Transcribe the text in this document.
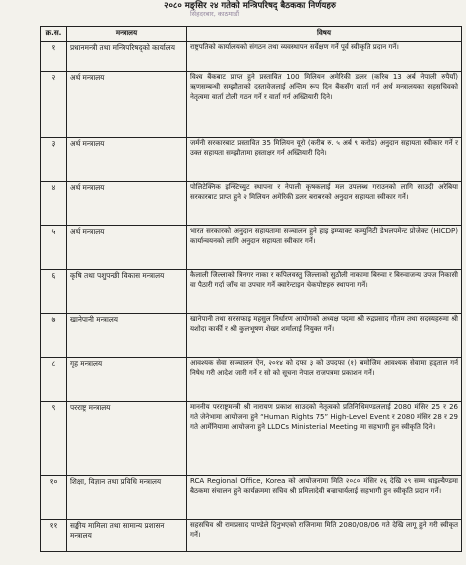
२०८० मङ्सिर २४ गतेको मन्त्रिपरिषद् बैठकका निर्णयहरु
सिंहदरबार, काठमाडौं
क्र.स.	मन्त्रालय	विषय
१	प्रधानमन्त्री तथा मन्त्रिपरिषद्को कार्यालय	राष्ट्रपतिको कार्यालयको संगठन तथा व्यवस्थापन सर्वेक्षण गर्ने पूर्व स्वीकृति प्रदान गर्ने।
२	अर्थ मन्त्रालय	विश्व बैंकबाट प्राप्त हुने प्रस्तावित 100 मिलियन अमेरिकी डलर (करिब 13 अर्ब नेपाली रुपैयाँ) ऋणसम्बन्धी सम्झौताको दस्तावेजलाई अन्तिम रूप दिन बैंकसँग वार्ता गर्न अर्थ मन्त्रालयका सहसचिवको नेतृत्वमा वार्ता टोली गठन गर्ने र वार्ता गर्न अख्तियारी दिने।
३	अर्थ मन्त्रालय	जर्मनी सरकारबाट प्रस्तावित 35 मिलियन यूरो (करीब रु. ५ अर्ब ९ करोड) अनुदान सहायता स्वीकार गर्ने र उक्त सहायता सम्झौतामा हस्ताक्षर गर्न अख्तियारी दिने।
४	अर्थ मन्त्रालय	पोलिटेक्निक इन्स्टिच्युट स्थापना र नेपाली कृषकलाई मल उपलब्ध गराउनको लागि साउदी अरेबिया सरकारबाट प्राप्त हुने २ मिलियन अमेरिकी डलर बराबरको अनुदान सहायता स्वीकार गर्ने।
५	अर्थ मन्त्रालय	भारत सरकारको अनुदान सहायतामा सञ्चालन हुने हाइ इम्प्याक्ट कम्युनिटी डेभलपमेन्ट प्रोजेक्ट (HICDP) कार्यान्वयनको लागि अनुदान सहायता स्वीकार गर्ने।
६	कृषि तथा पशुपन्छी विकास मन्त्रालय	कैलाली जिल्लाको त्रिनगर नाका र कपिलवस्तु जिल्लाको सुठौली नाकामा बिरुवा र बिरुवाजन्य उपज निकासी वा पैठारी गर्दा जाँच वा उपचार गर्ने क्वारेन्टाइन चेकपोष्टहरु स्थापना गर्ने।
७	खानेपानी मन्त्रालय	खानेपानी तथा सरसफाइ महसुल निर्धारण आयोगको अध्यक्ष पदमा श्री रुद्रप्रसाद गौतम तथा सदस्यहरुमा श्री यशोदा कार्की र श्री कुलभूषण शेखर शर्मालाई नियुक्त गर्ने।
८	गृह मन्त्रालय	आवश्यक सेवा सञ्चालन ऐन, २०१४ को दफा ३ को उपदफा (१) बमोजिम आवश्यक सेवामा हड्ताल गर्न निषेध गरी आदेश जारी गर्ने र सो को सूचना नेपाल राजपत्रमा प्रकाशन गर्ने।
९	परराष्ट्र मन्त्रालय	माननीय परराष्ट्रमन्त्री श्री नारायण प्रकाश साउदको नेतृत्वको प्रतिनिधिमण्डललाई 2080 मंसिर 25 र 26 गते जेनेभामा आयोजना हुने “Human Rights 75” High-Level Event र 2080 मंसिर 28 र 29 गते आर्मेनियामा आयोजना हुने LLDCs Ministerial Meeting मा सहभागी हुन स्वीकृति दिने।
१०	शिक्षा, विज्ञान तथा प्रविधि मन्त्रालय	RCA Regional Office, Korea को आयोजनामा मिति २०८० मंसिर २६ देखि २९ सम्म थाइल्यैण्डमा बैठकमा संचालन हुने कार्यक्रममा सचिव श्री प्रमिलादेवी बज्राचार्यलाई सहभागी हुन स्वीकृति प्रदान गर्ने।
११	सङ्घीय मामिला तथा सामान्य प्रशासन मन्त्रालय	सहसचिव श्री रामप्रसाद पाण्डेले दिनुभएको राजिनामा मिति 2080/08/06 गते देखि लागू हुने गरी स्वीकृत गर्ने।
